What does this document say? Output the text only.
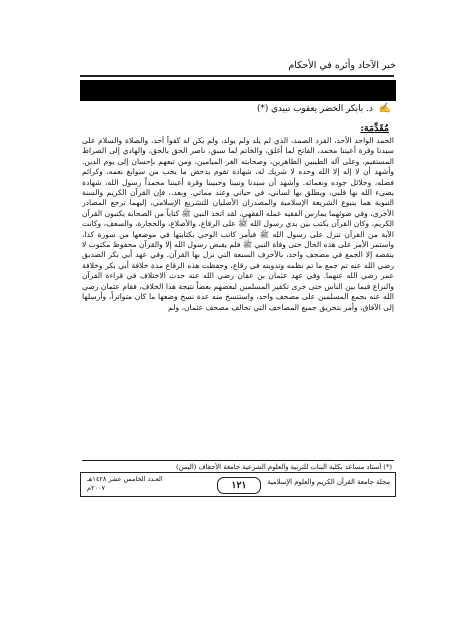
خبر الآحاد وأثره في الأحكام
✍ د. بابكر الخضر يعقوب تبيدي (*)
مُقَدِّمَة:

الحمد الواحد الأحد، الفرد الصمد، الذي لم يلد ولم يولد، ولم يكن له كفواً أحد، والصلاة والسلام على سيدنا وقرة أعيننا محمد، الفاتح لما أغلق، والخاتم لما سبق، ناصر الحق بالحق، والهادي إلى الصراط المستقيم، وعلى آله الطيبين الطاهرين، وصحابته الغر الميامين، ومن تبعهم بإحسان إلى يوم الدين. وأشهد أن لا إله إلا الله وحده لا شريك له، شهادة تقوم بدحض ما يجب من سوابغ نعمه، وكرائم فضله، وجلائل جوده ونعمائه. وأشهد أن سيدنا ونبينا وحبيبنا وقرة أعيننا محمداً رسول الله، شهادة يضيء الله بها قلبي، ويطلق بها لساني، في حياتي وعند مماتي. وبعد،، فإن القرآن الكريم والسنة النبوية هما ينبوع الشريعة الإسلامية والمصدران الأصليان للتشريع الإسلامي، إليهما ترجع المصادر الأخرى، وفي ضوئهما يمارس الفقيه عمله الفقهي. لقد اتخذ النبي ﷺ كتاباً من الصحابة يكتبون القرآن الكريم، وكان القرآن يكتب بين يدي رسول الله ﷺ على الرقاع، والأضلاع، والحجارة، والسعف، وكانت الآية من القرآن تنزل على رسول الله ﷺ فيأمر كاتب الوحي بكتابتها في موضعها من سورة كذا، واستمر الأمر على هذه الحال حتى وفاة النبي ﷺ فلم يقبض رسول الله إلا والقرآن محفوظ مكتوب لا ينقصه إلا الجمع في مصحف واحد، بالأحرف السبعة التي نزل بها القرآن. وفي عهد أبي بكر الصديق رضي الله عنه تم جمع ما تم نظمه وتدوينه في رقاع، وحفظت هذه الرقاع مدة خلافة أبي بكر وخلافة عمر رضي الله عنهما. وفي عهد عثمان بن عفان رضي الله عنه حدث الاختلاف في قراءة القرآن والنزاع فيما بين الناس حتى جرى تكفير المسلمين لبعضهم بعضاً نتيجة هذا الخلاف، فقام عثمان رضي الله عنه بجمع المسلمين على مصحف واحد، واستنسخ منه عدة نسخ وضعها ما كان متواتراً، وأرسلها إلى الآفاق، وأمر بتحريق جميع المصاحف التي تخالف مصحف عثمان، ولم

(*) أستاذ مساعد بكلية البنات للتربية والعلوم الشرعية جامعة الأحقاف (اليمن)
مجلة جامعة القرآن الكريم والعلوم الإسلامية
١٢١
العـدد الخامس عشر ١٤٢٨هـ
٢٠٠٧م
